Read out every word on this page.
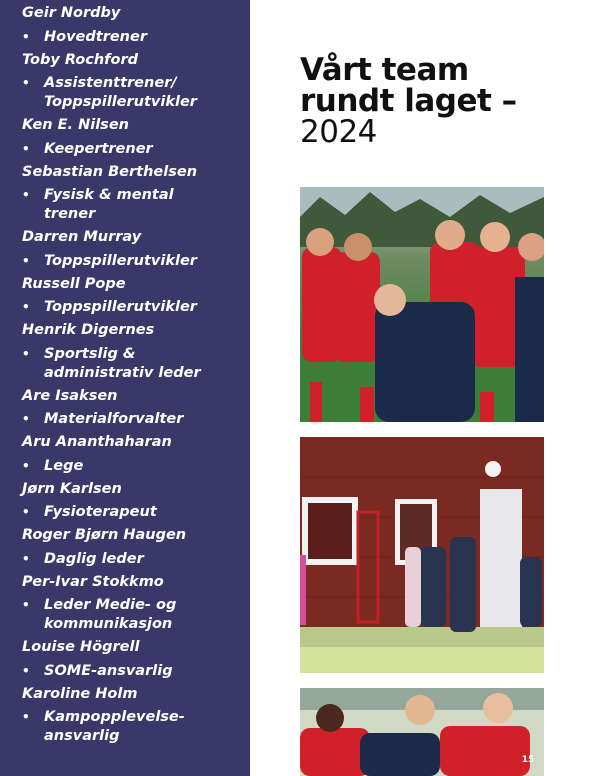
Geir Nordby
• Hovedtrener
Toby Rochford
• Assistenttrener/
Toppspillerutvikler
Ken E. Nilsen
• Keepertrener
Sebastian Berthelsen
• Fysisk & mental
trener
Darren Murray
• Toppspillerutvikler
Russell Pope
• Toppspillerutvikler
Henrik Digernes
• Sportslig &
administrativ leder
Are Isaksen
• Materialforvalter
Aru Ananthaharan
• Lege
Jørn Karlsen
• Fysioterapeut
Roger Bjørn Haugen
• Daglig leder
Per-Ivar Stokkmo
• Leder Medie- og
kommunikasjon
Louise Högrell
• SOME-ansvarlig
Karoline Holm
• Kampopplevelse-
ansvarlig
Vårt team
rundt laget –
2024
15
